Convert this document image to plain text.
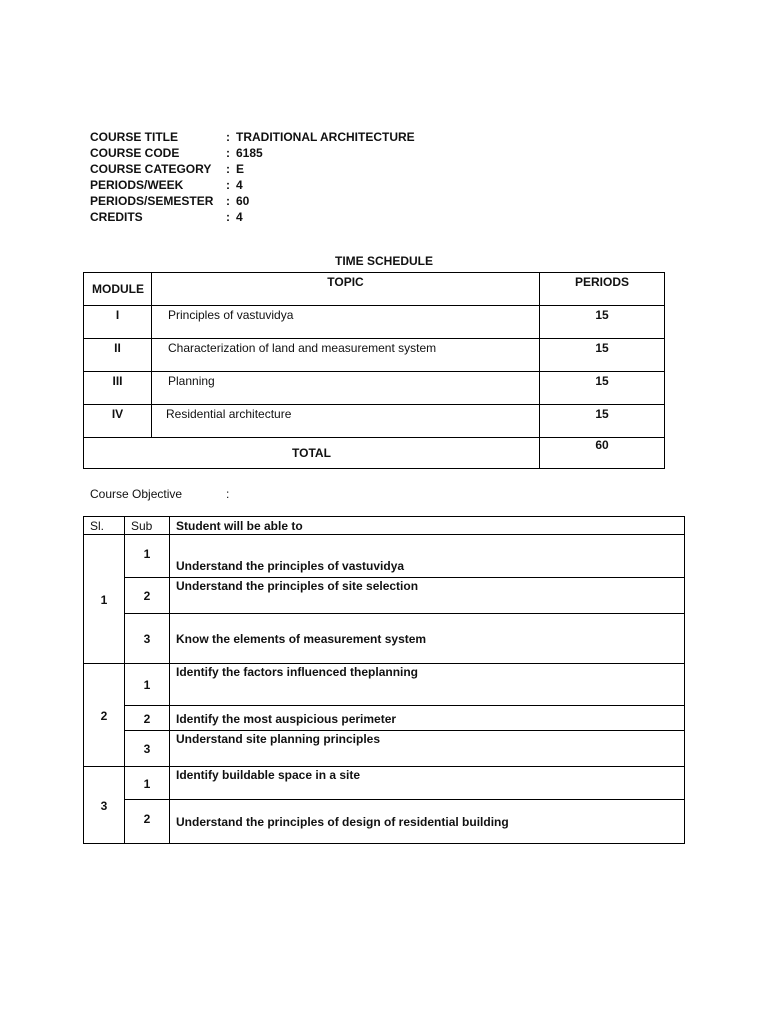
COURSE TITLE	: TRADITIONAL ARCHITECTURE
COURSE CODE	: 6185
COURSE CATEGORY : E
PERIODS/WEEK	: 4
PERIODS/SEMESTER : 60
CREDITS	: 4
TIME SCHEDULE
MODULE	TOPIC	PERIODS
I	Principles of vastuvidya	15
II	Characterization of land and measurement system	15
III	Planning	15
IV	Residential architecture	15
TOTAL		60
Course Objective	:
Sl.	Sub	Student will be able to
1	1	Understand the principles of vastuvidya
	2	Understand the principles of site selection
	3	Know the elements of measurement system
2	1	Identify the factors influenced theplanning
	2	Identify the most auspicious perimeter
	3	Understand site planning principles
3	1	Identify buildable space in a site
	2	Understand the principles of design of residential building
